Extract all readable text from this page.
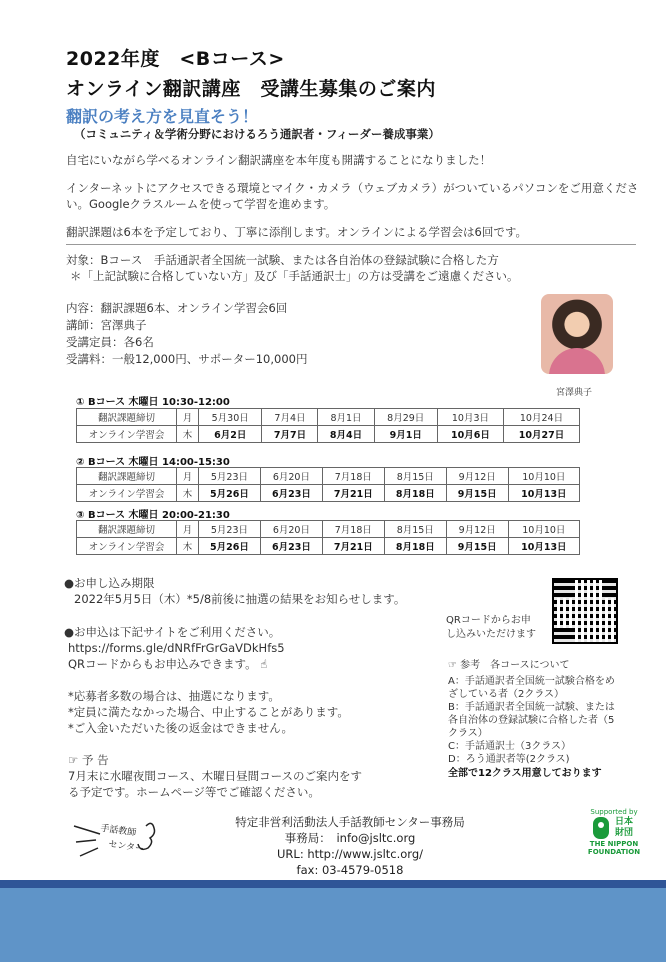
2022年度　<Bコース>
オンライン翻訳講座　受講生募集のご案内
翻訳の考え方を見直そう！
（コミュニティ＆学術分野におけるろう通訳者・フィーダー養成事業）
自宅にいながら学べるオンライン翻訳講座を本年度も開講することになりました！
インターネットにアクセスできる環境とマイク・カメラ（ウェブカメラ）がついているパソコンをご用意ください。Googleクラスルームを使って学習を進めます。
翻訳課題は6本を予定しており、丁寧に添削します。オンラインによる学習会は6回です。
対象：Bコース　手話通訳者全国統一試験、または各自治体の登録試験に合格した方
＊「上記試験に合格していない方」及び「手話通訳士」の方は受講をご遠慮ください。
内容：翻訳課題6本、オンライン学習会6回
講師：宮澤典子
受講定員：各6名
受講料：一般12,000円、サポーター10,000円
宮澤典子
① Bコース 木曜日 10:30-12:00
翻訳課題締切	月	5月30日	7月4日	8月1日	8月29日	10月3日	10月24日
オンライン学習会	木	6月2日	7月7日	8月4日	9月1日	10月6日	10月27日
② Bコース 木曜日 14:00-15:30
翻訳課題締切	月	5月23日	6月20日	7月18日	8月15日	9月12日	10月10日
オンライン学習会	木	5月26日	6月23日	7月21日	8月18日	9月15日	10月13日
③ Bコース 木曜日 20:00-21:30
翻訳課題締切	月	5月23日	6月20日	7月18日	8月15日	9月12日	10月10日
オンライン学習会	木	5月26日	6月23日	7月21日	8月18日	9月15日	10月13日
●お申し込み期限
2022年5月5日（木）*5/8前後に抽選の結果をお知らせします。
●お申込は下記サイトをご利用ください。
https://forms.gle/dNRfFrGrGaVDkHfs5
QRコードからもお申込みできます。 ☝
*応募者多数の場合は、抽選になります。
*定員に満たなかった場合、中止することがあります。
*ご入金いただいた後の返金はできません。
☞ 予 告
7月末に水曜夜間コース、木曜日昼間コースのご案内をす
る予定です。ホームページ等でご確認ください。
QRコードからお申
し込みいただけます
☞ 参考　各コースについて
A：手話通訳者全国統一試験合格をめ
ざしている者（2クラス）
B：手話通訳者全国統一試験、または
各自治体の登録試験に合格した者（5
クラス）
C：手話通訳士（3クラス）
D：ろう通訳者等(2クラス)
全部で12クラス用意しております
手話教師
センター
特定非営利活動法人手話教師センター事務局
事務局：　info@jsltc.org
URL: http://www.jsltc.org/
fax: 03-4579-0518
Supported by
日本財団
THE NIPPON
FOUNDATION
